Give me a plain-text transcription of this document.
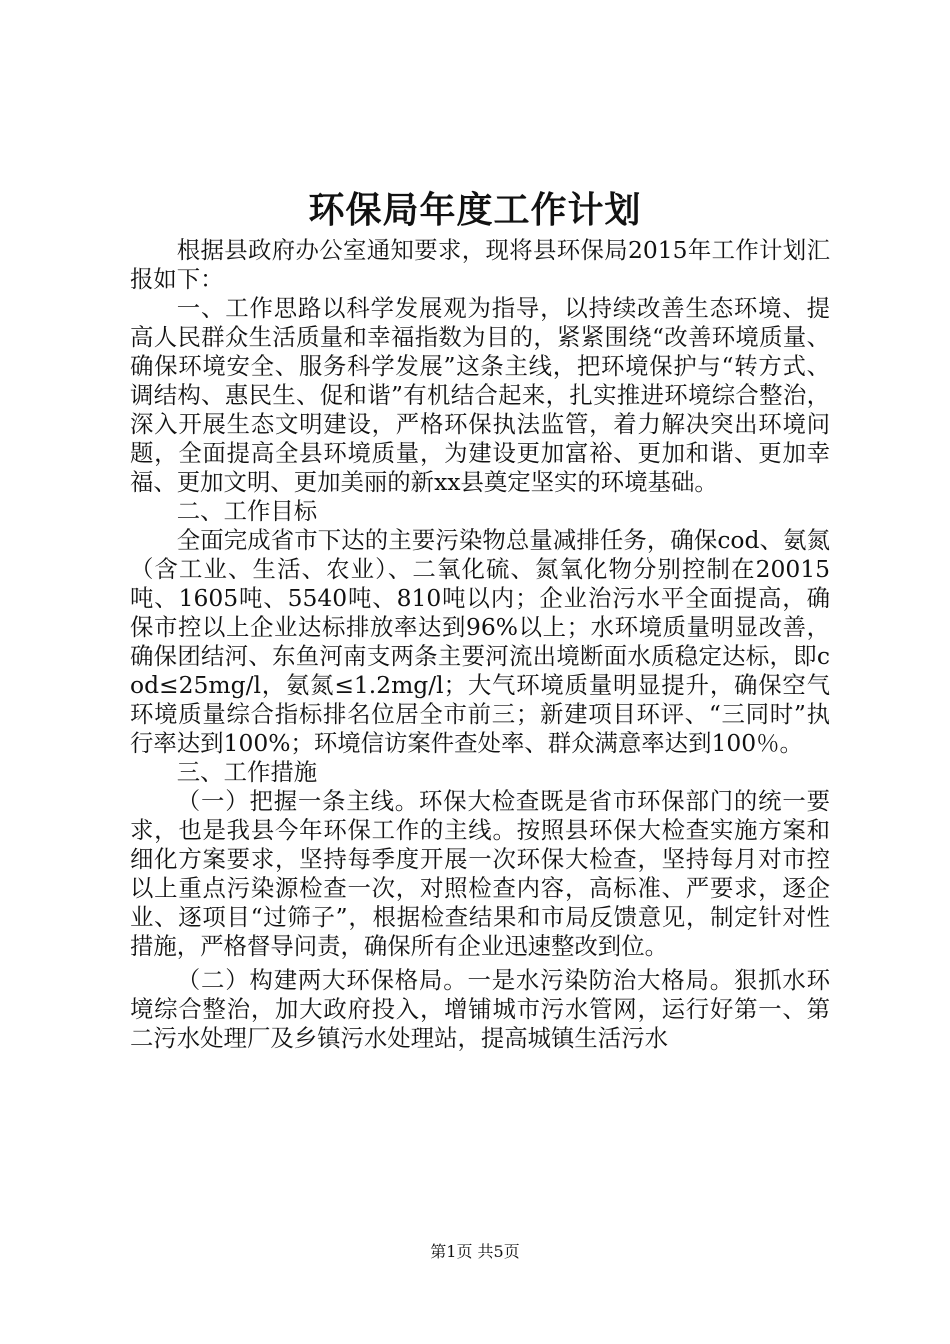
环保局年度工作计划

根据县政府办公室通知要求，现将县环保局2015年工作计划汇报如下：

一、工作思路以科学发展观为指导，以持续改善生态环境、提高人民群众生活质量和幸福指数为目的，紧紧围绕“改善环境质量、确保环境安全、服务科学发展”这条主线，把环境保护与“转方式、调结构、惠民生、促和谐”有机结合起来，扎实推进环境综合整治，深入开展生态文明建设，严格环保执法监管，着力解决突出环境问题，全面提高全县环境质量，为建设更加富裕、更加和谐、更加幸福、更加文明、更加美丽的新xx县奠定坚实的环境基础。

二、工作目标

全面完成省市下达的主要污染物总量减排任务，确保cod、氨氮（含工业、生活、农业）、二氧化硫、氮氧化物分别控制在20015吨、1605吨、5540吨、810吨以内；企业治污水平全面提高，确保市控以上企业达标排放率达到96%以上；水环境质量明显改善，确保团结河、东鱼河南支两条主要河流出境断面水质稳定达标，即cod≤25mg/l，氨氮≤1.2mg/l；大气环境质量明显提升，确保空气环境质量综合指标排名位居全市前三；新建项目环评、“三同时”执行率达到100%；环境信访案件查处率、群众满意率达到100％。

三、工作措施

（一）把握一条主线。环保大检查既是省市环保部门的统一要求，也是我县今年环保工作的主线。按照县环保大检查实施方案和细化方案要求，坚持每季度开展一次环保大检查，坚持每月对市控以上重点污染源检查一次，对照检查内容，高标准、严要求，逐企业、逐项目“过筛子”，根据检查结果和市局反馈意见，制定针对性措施，严格督导问责，确保所有企业迅速整改到位。

（二）构建两大环保格局。一是水污染防治大格局。狠抓水环境综合整治，加大政府投入，增铺城市污水管网，运行好第一、第二污水处理厂及乡镇污水处理站，提高城镇生活污水

第1页 共5页
